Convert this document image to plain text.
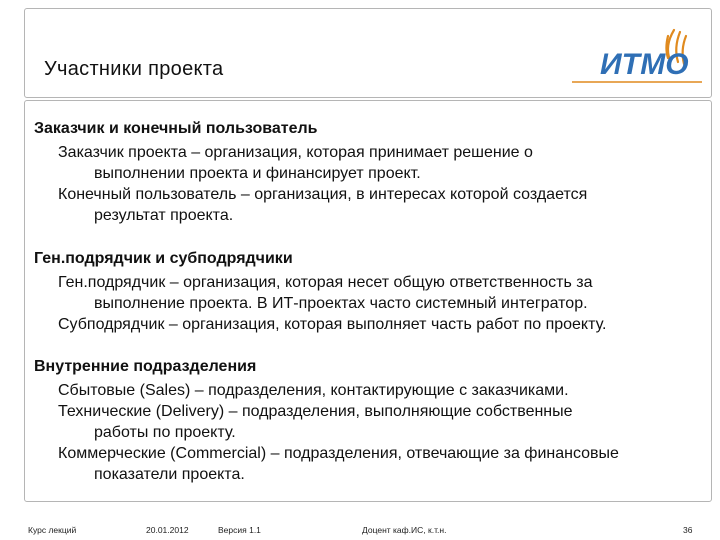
Участники проекта	ИТМО
Заказчик и конечный пользователь
Заказчик проекта – организация, которая принимает решение о
выполнении проекта и финансирует проект.
Конечный пользователь – организация, в интересах которой создается
результат проекта.
Ген.подрядчик и субподрядчики
Ген.подрядчик – организация, которая несет общую ответственность за
выполнение проекта. В ИТ-проектах часто системный интегратор.
Субподрядчик – организация, которая выполняет часть работ по проекту.
Внутренние подразделения
Сбытовые (Sales) – подразделения, контактирующие с заказчиками.
Технические (Delivery) – подразделения, выполняющие собственные
работы по проекту.
Коммерческие (Commercial) – подразделения, отвечающие за финансовые
показатели проекта.
Курс лекций	20.01.2012	Версия 1.1	Доцент каф.ИС, к.т.н.	36
